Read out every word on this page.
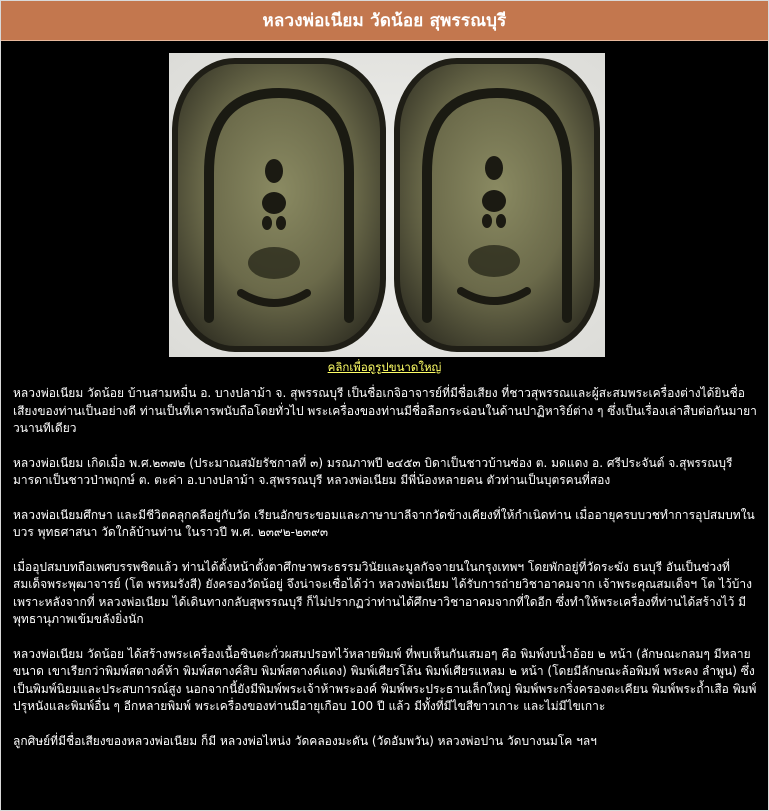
หลวงพ่อเนียม วัดน้อย สุพรรณบุรี
คลิกเพื่อดูรูปขนาดใหญ่

หลวงพ่อเนียม วัดน้อย บ้านสามหมื่น อ. บางปลาม้า จ. สุพรรณบุรี เป็นชื่อเกจิอาจารย์ที่มีชื่อเสียง ที่ชาวสุพรรณและผู้สะสมพระเครื่องต่างได้ยินชื่อเสียงของท่านเป็นอย่างดี ท่านเป็นที่เคารพนับถือโดยทั่วไป พระเครื่องของท่านมีชื่อลือกระฉ่อนในด้านปาฏิหาริย์ต่าง ๆ ซึ่งเป็นเรื่องเล่าสืบต่อกันมายาวนานทีเดียว

หลวงพ่อเนียม เกิดเมื่อ พ.ศ.๒๓๗๒ (ประมาณสมัยรัชกาลที่ ๓) มรณภาพปี ๒๔๕๓ บิดาเป็นชาวบ้านซ่อง ต. มดแดง อ. ศรีประจันต์ จ.สุพรรณบุรี มารดาเป็นชาวป่าพฤกษ์ ต. ตะค่า อ.บางปลาม้า จ.สุพรรณบุรี หลวงพ่อเนียม มีพี่น้องหลายคน ตัวท่านเป็นบุตรคนที่สอง

หลวงพ่อเนียมศึกษา และมีชีวิตคลุกคลีอยู่กับวัด เรียนอักขระขอมและภาษาบาลีจากวัดข้างเคียงที่ให้กำเนิดท่าน เมื่ออายุครบบวชทำการอุปสมบทในบวร พุทธศาสนา วัดใกล้บ้านท่าน ในราวปี พ.ศ. ๒๓๙๒-๒๓๙๓

เมื่ออุปสมบทถือเพศบรรพชิตแล้ว ท่านได้ตั้งหน้าตั้งตาศึกษาพระธรรมวินัยและมูลกัจจายนในกรุงเทพฯ โดยพักอยู่ที่วัดระฆัง ธนบุรี อันเป็นช่วงที่ สมเด็จพระพุฒาจารย์ (โต พรหมรังสี) ยังครองวัดน้อยู่ จึงน่าจะเชื่อได้ว่า หลวงพ่อเนียม ได้รับการถ่ายวิชาอาคมจาก เจ้าพระคุณสมเด็จฯ โต ไว้บ้าง เพราะหลังจากที่ หลวงพ่อเนียม ได้เดินทางกลับสุพรรณบุรี ก็ไม่ปรากฏว่าท่านได้ศึกษาวิชาอาคมจากที่ใดอีก ซึ่งทำให้พระเครื่องที่ท่านได้สร้างไว้ มีพุทธานุภาพเข้มขลังยิ่งนัก

หลวงพ่อเนียม วัดน้อย ได้สร้างพระเครื่องเนื้อชินตะกั่วผสมปรอทไว้หลายพิมพ์ ที่พบเห็นกันเสมอๆ คือ พิมพ์งบน้ำอ้อย ๒ หน้า (ลักษณะกลมๆ มีหลายขนาด เขาเรียกว่าพิมพ์สตางค์ห้า พิมพ์สตางค์สิบ พิมพ์สตางค์แดง) พิมพ์เศียรโล้น พิมพ์เศียรแหลม ๒ หน้า (โดยมีลักษณะล้อพิมพ์ พระคง ลำพูน) ซึ่งเป็นพิมพ์นิยมและประสบการณ์สูง นอกจากนี้ยังมีพิมพ์พระเจ้าห้าพระองค์ พิมพ์พระประธานเล็กใหญ่ พิมพ์พระกริ่งครองตะเคียน พิมพ์พระถ้ำเสือ พิมพ์ปรุหนังและพิมพ์อื่น ๆ อีกหลายพิมพ์ พระเครื่องของท่านมีอายุเกือบ 100 ปี แล้ว มีทั้งที่มีไขสีขาวเกาะ และไม่มีไขเกาะ

ลูกศิษย์ที่มีชื่อเสียงของหลวงพ่อเนียม ก็มี หลวงพ่อไหน่ง วัดคลองมะดัน (วัดอัมพวัน) หลวงพ่อปาน วัดบางนมโค ฯลฯ
